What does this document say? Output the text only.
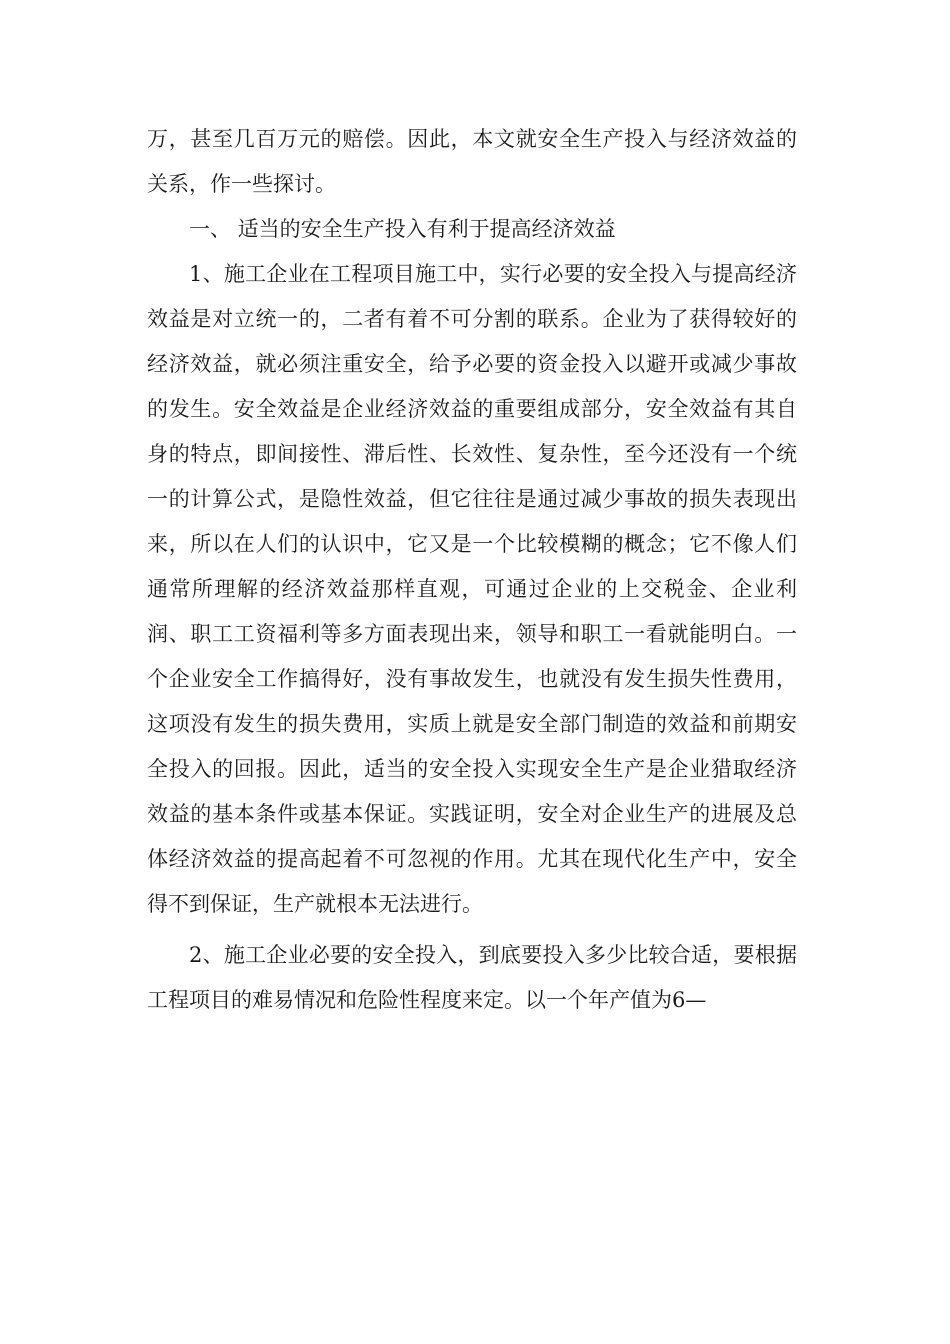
万，甚至几百万元的赔偿。因此，本文就安全生产投入与经济效益的关系，作一些探讨。

一、 适当的安全生产投入有利于提高经济效益

1、施工企业在工程项目施工中，实行必要的安全投入与提高经济效益是对立统一的，二者有着不可分割的联系。企业为了获得较好的经济效益，就必须注重安全，给予必要的资金投入以避开或减少事故的发生。安全效益是企业经济效益的重要组成部分，安全效益有其自身的特点，即间接性、滞后性、长效性、复杂性，至今还没有一个统一的计算公式，是隐性效益，但它往往是通过减少事故的损失表现出来，所以在人们的认识中，它又是一个比较模糊的概念；它不像人们通常所理解的经济效益那样直观，可通过企业的上交税金、企业利润、职工工资福利等多方面表现出来，领导和职工一看就能明白。一个企业安全工作搞得好，没有事故发生，也就没有发生损失性费用，这项没有发生的损失费用，实质上就是安全部门制造的效益和前期安全投入的回报。因此，适当的安全投入实现安全生产是企业猎取经济效益的基本条件或基本保证。实践证明，安全对企业生产的进展及总体经济效益的提高起着不可忽视的作用。尤其在现代化生产中，安全得不到保证，生产就根本无法进行。

2、施工企业必要的安全投入，到底要投入多少比较合适，要根据工程项目的难易情况和危险性程度来定。以一个年产值为6—
